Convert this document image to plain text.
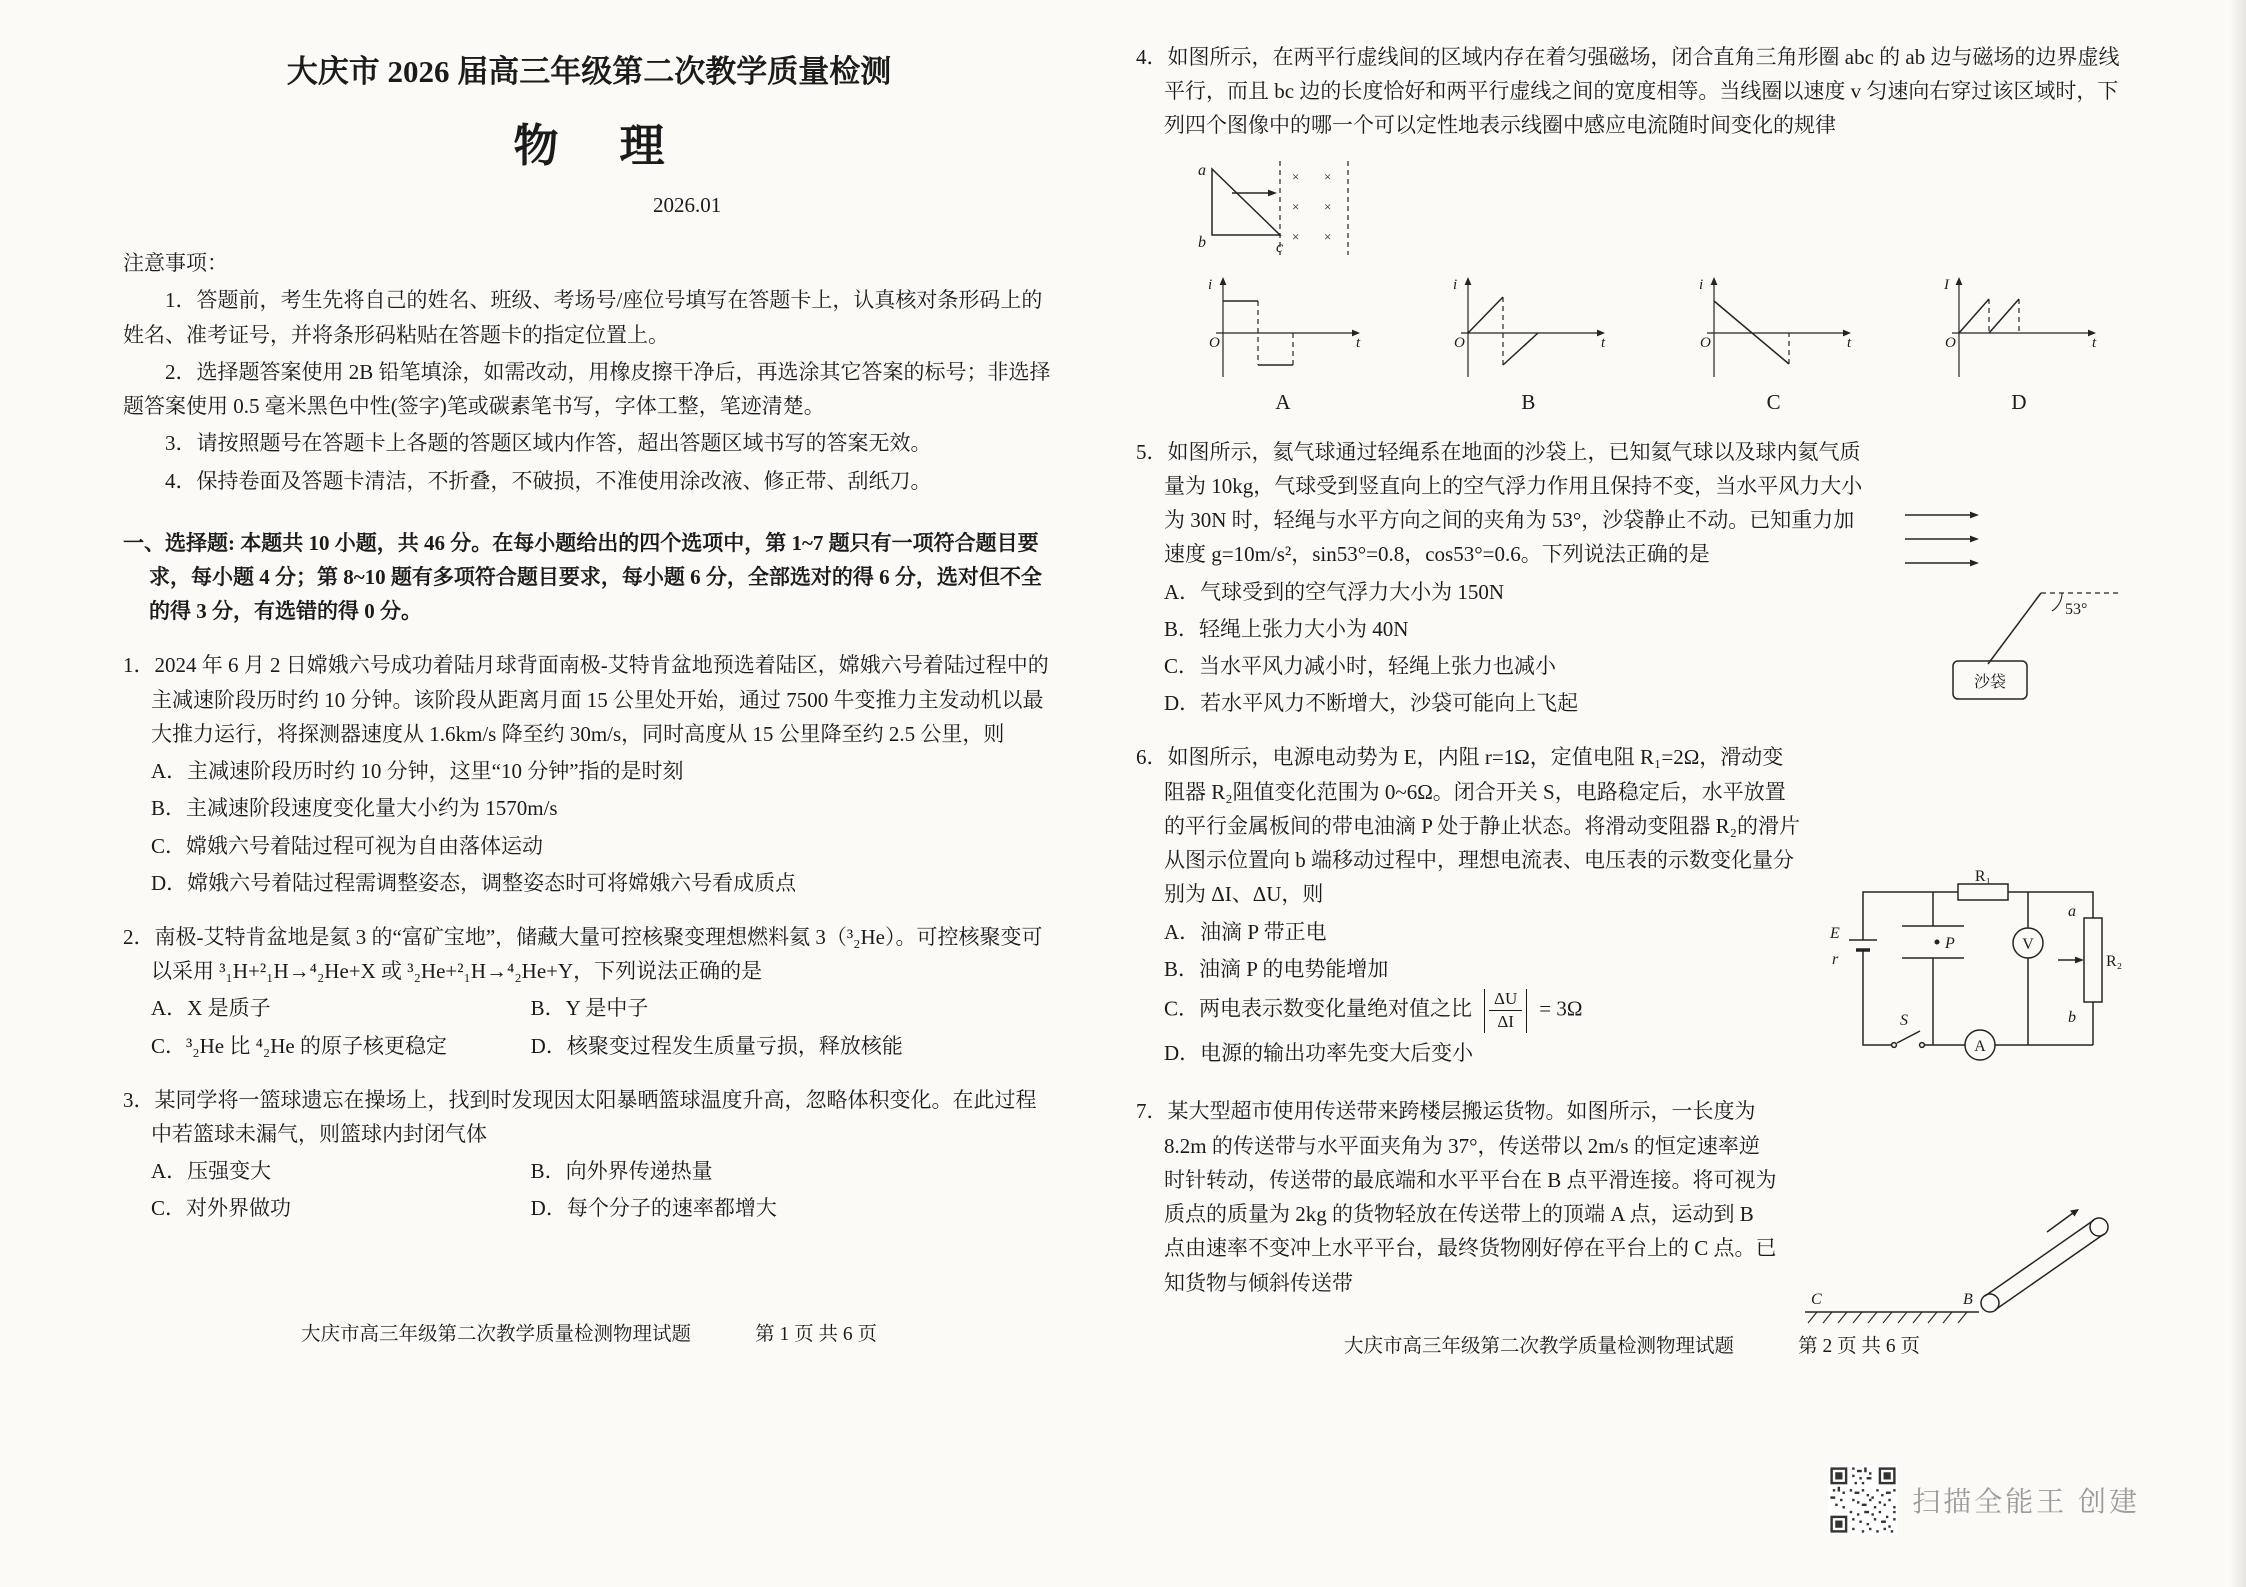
大庆市 2026 届高三年级第二次教学质量检测
物　理
2026.01
注意事项：

1．答题前，考生先将自己的姓名、班级、考场号/座位号填写在答题卡上，认真核对条形码上的姓名、准考证号，并将条形码粘贴在答题卡的指定位置上。

2．选择题答案使用 2B 铅笔填涂，如需改动，用橡皮擦干净后，再选涂其它答案的标号；非选择题答案使用 0.5 毫米黑色中性(签字)笔或碳素笔书写，字体工整，笔迹清楚。

3．请按照题号在答题卡上各题的答题区域内作答，超出答题区域书写的答案无效。

4．保持卷面及答题卡清洁，不折叠，不破损，不准使用涂改液、修正带、刮纸刀。

一、选择题: 本题共 10 小题，共 46 分。在每小题给出的四个选项中，第 1~7 题只有一项符合题目要求，每小题 4 分；第 8~10 题有多项符合题目要求，每小题 6 分，全部选对的得 6 分，选对但不全的得 3 分，有选错的得 0 分。

1．2024 年 6 月 2 日嫦娥六号成功着陆月球背面南极-艾特肯盆地预选着陆区，嫦娥六号着陆过程中的主减速阶段历时约 10 分钟。该阶段从距离月面 15 公里处开始，通过 7500 牛变推力主发动机以最大推力运行，将探测器速度从 1.6km/s 降至约 30m/s，同时高度从 15 公里降至约 2.5 公里，则

A．主减速阶段历时约 10 分钟，这里“10 分钟”指的是时刻

B．主减速阶段速度变化量大小约为 1570m/s

C．嫦娥六号着陆过程可视为自由落体运动

D．嫦娥六号着陆过程需调整姿态，调整姿态时可将嫦娥六号看成质点

2．南极-艾特肯盆地是氦 3 的“富矿宝地”，储藏大量可控核聚变理想燃料氦 3（³₂He）。可控核聚变可以采用 ³₁H+²₁H→⁴₂He+X 或 ³₂He+²₁H→⁴₂He+Y，下列说法正确的是

A．X 是质子	B．Y 是中子
C．³₂He 比 ⁴₂He 的原子核更稳定	D．核聚变过程发生质量亏损，释放核能

3．某同学将一篮球遗忘在操场上，找到时发现因太阳暴晒篮球温度升高，忽略体积变化。在此过程中若篮球未漏气，则篮球内封闭气体

A．压强变大	B．向外界传递热量
C．对外界做功	D．每个分子的速率都增大
大庆市高三年级第二次教学质量检测物理试题	第 1 页 共 6 页

4．如图所示，在两平行虚线间的区域内存在着匀强磁场，闭合直角三角形圈 abc 的 ab 边与磁场的边界虚线平行，而且 bc 边的长度恰好和两平行虚线之间的宽度相等。当线圈以速度 v 匀速向右穿过该区域时，下列四个图像中的哪一个可以定性地表示线圈中感应电流随时间变化的规律

a
b	c
× ×
× ×
× ×
i
t
O
A
i
t
O
B
i
t
O
C
I
t
O
D
53°
沙袋

5．如图所示，氦气球通过轻绳系在地面的沙袋上，已知氦气球以及球内氦气质量为 10kg，气球受到竖直向上的空气浮力作用且保持不变，当水平风力大小为 30N 时，轻绳与水平方向之间的夹角为 53°，沙袋静止不动。已知重力加速度 g=10m/s²，sin53°=0.8，cos53°=0.6。下列说法正确的是

A．气球受到的空气浮力大小为 150N

B．轻绳上张力大小为 40N

C．当水平风力减小时，轻绳上张力也减小

D．若水平风力不断增大，沙袋可能向上飞起

E
r
R₁
P	V
a
b
R₂
S
A

6．如图所示，电源电动势为 E，内阻 r=1Ω，定值电阻 R₁=2Ω，滑动变阻器 R₂阻值变化范围为 0~6Ω。闭合开关 S，电路稳定后，水平放置的平行金属板间的带电油滴 P 处于静止状态。将滑动变阻器 R₂的滑片从图示位置向 b 端移动过程中，理想电流表、电压表的示数变化量分别为 ΔI、ΔU，则

A．油滴 P 带正电

B．油滴 P 的电势能增加

C．两电表示数变化量绝对值之比 $\frac{\Delta U}{\Delta I} = 3\Omega$

D．电源的输出功率先变大后变小

C	B

7．某大型超市使用传送带来跨楼层搬运货物。如图所示，一长度为 8.2m 的传送带与水平面夹角为 37°，传送带以 2m/s 的恒定速率逆时针转动，传送带的最底端和水平平台在 B 点平滑连接。将可视为质点的质量为 2kg 的货物轻放在传送带上的顶端 A 点，运动到 B 点由速率不变冲上水平平台，最终货物刚好停在平台上的 C 点。已知货物与倾斜传送带

大庆市高三年级第二次教学质量检测物理试题	第 2 页 共 6 页
扫描全能王 创建
